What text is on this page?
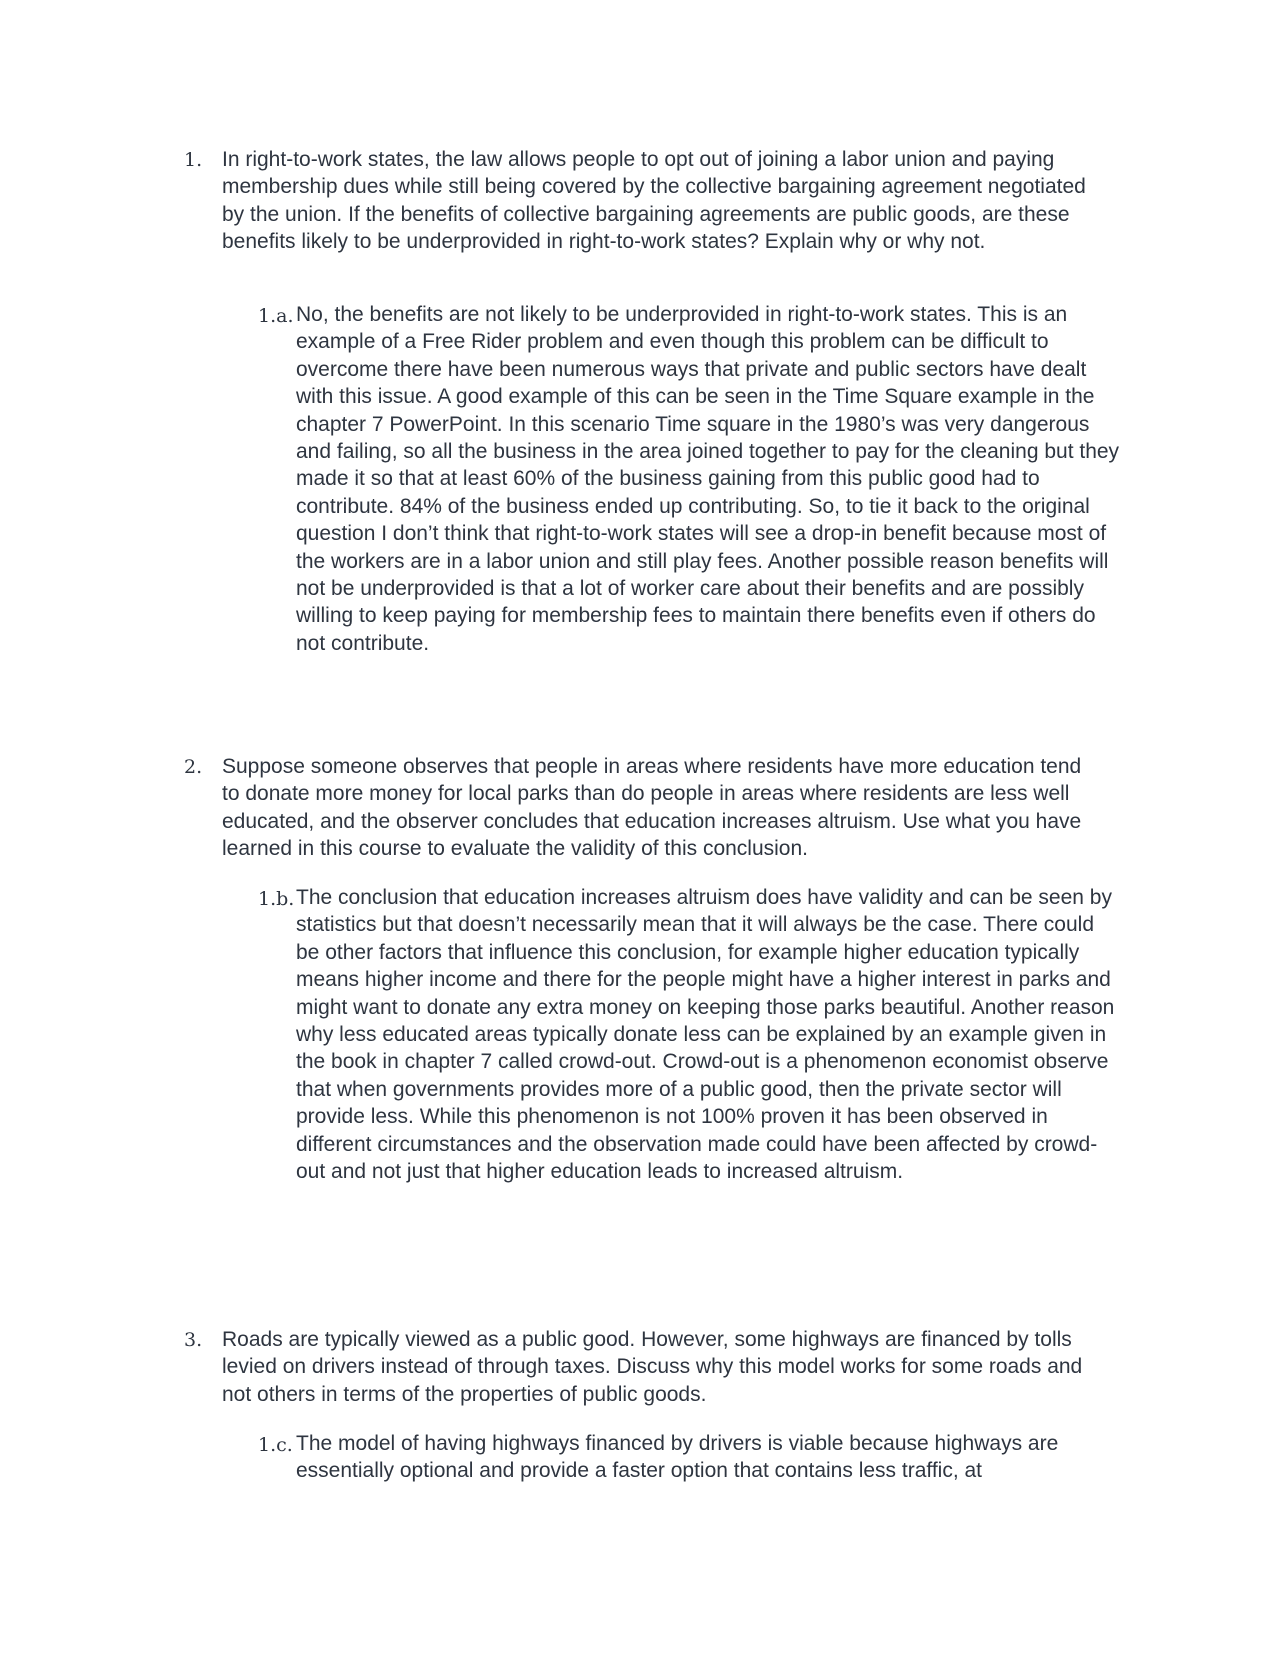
1. In right-to-work states, the law allows people to opt out of joining a labor union and paying membership dues while still being covered by the collective bargaining agreement negotiated by the union. If the benefits of collective bargaining agreements are public goods, are these benefits likely to be underprovided in right-to-work states? Explain why or why not.
1.a. No, the benefits are not likely to be underprovided in right-to-work states. This is an example of a Free Rider problem and even though this problem can be difficult to overcome there have been numerous ways that private and public sectors have dealt with this issue. A good example of this can be seen in the Time Square example in the chapter 7 PowerPoint. In this scenario Time square in the 1980’s was very dangerous and failing, so all the business in the area joined together to pay for the cleaning but they made it so that at least 60% of the business gaining from this public good had to contribute. 84% of the business ended up contributing. So, to tie it back to the original question I don’t think that right-to-work states will see a drop-in benefit because most of the workers are in a labor union and still play fees. Another possible reason benefits will not be underprovided is that a lot of worker care about their benefits and are possibly willing to keep paying for membership fees to maintain there benefits even if others do not contribute.
2. Suppose someone observes that people in areas where residents have more education tend to donate more money for local parks than do people in areas where residents are less well educated, and the observer concludes that education increases altruism. Use what you have learned in this course to evaluate the validity of this conclusion.
1.b. The conclusion that education increases altruism does have validity and can be seen by statistics but that doesn’t necessarily mean that it will always be the case. There could be other factors that influence this conclusion, for example higher education typically means higher income and there for the people might have a higher interest in parks and might want to donate any extra money on keeping those parks beautiful. Another reason why less educated areas typically donate less can be explained by an example given in the book in chapter 7 called crowd-out. Crowd-out is a phenomenon economist observe that when governments provides more of a public good, then the private sector will provide less. While this phenomenon is not 100% proven it has been observed in different circumstances and the observation made could have been affected by crowd-out and not just that higher education leads to increased altruism.
3. Roads are typically viewed as a public good. However, some highways are financed by tolls levied on drivers instead of through taxes. Discuss why this model works for some roads and not others in terms of the properties of public goods.
1.c. The model of having highways financed by drivers is viable because highways are essentially optional and provide a faster option that contains less traffic, at
